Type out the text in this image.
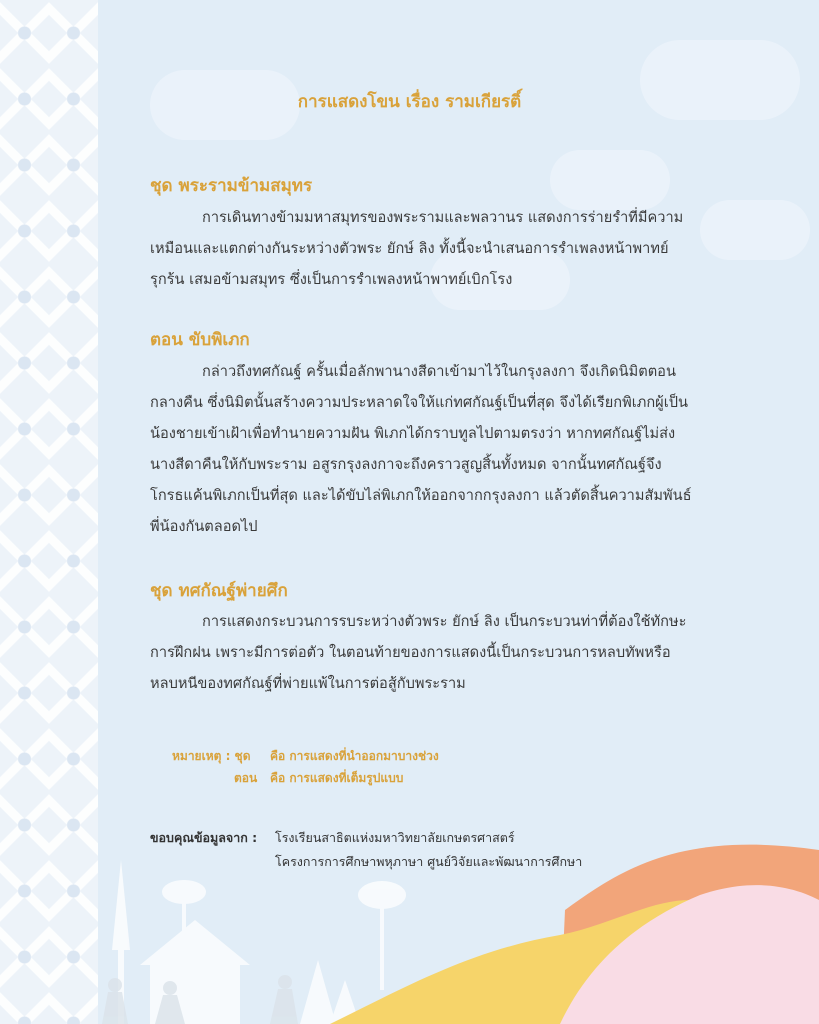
การแสดงโขน เรื่อง รามเกียรติ์
ชุด พระรามข้ามสมุทร
การเดินทางข้ามมหาสมุทรของพระรามและพลวานร แสดงการร่ายรำที่มีความ
เหมือนและแตกต่างกันระหว่างตัวพระ ยักษ์ ลิง ทั้งนี้จะนำเสนอการรำเพลงหน้าพาทย์
รุกร้น เสมอข้ามสมุทร ซึ่งเป็นการรำเพลงหน้าพาทย์เบิกโรง
ตอน ขับพิเภก
กล่าวถึงทศกัณฐ์ ครั้นเมื่อลักพานางสีดาเข้ามาไว้ในกรุงลงกา จึงเกิดนิมิตตอน
กลางคืน ซึ่งนิมิตนั้นสร้างความประหลาดใจให้แก่ทศกัณฐ์เป็นที่สุด จึงได้เรียกพิเภกผู้เป็น
น้องชายเข้าเฝ้าเพื่อทำนายความฝัน พิเภกได้กราบทูลไปตามตรงว่า หากทศกัณฐ์ไม่ส่ง
นางสีดาคืนให้กับพระราม อสูรกรุงลงกาจะถึงคราวสูญสิ้นทั้งหมด จากนั้นทศกัณฐ์จึง
โกรธแค้นพิเภกเป็นที่สุด และได้ขับไล่พิเภกให้ออกจากกรุงลงกา แล้วตัดสิ้นความสัมพันธ์
พี่น้องกันตลอดไป
ชุด ทศกัณฐ์พ่ายศึก
การแสดงกระบวนการรบระหว่างตัวพระ ยักษ์ ลิง เป็นกระบวนท่าที่ต้องใช้ทักษะ
การฝึกฝน เพราะมีการต่อตัว ในตอนท้ายของการแสดงนี้เป็นกระบวนการหลบทัพหรือ
หลบหนีของทศกัณฐ์ที่พ่ายแพ้ในการต่อสู้กับพระราม
หมายเหตุ : ชุด คือ การแสดงที่นำออกมาบางช่วง
ตอน คือ การแสดงที่เต็มรูปแบบ
ขอบคุณข้อมูลจาก : โรงเรียนสาธิตแห่งมหาวิทยาลัยเกษตรศาสตร์
โครงการการศึกษาพหุภาษา ศูนย์วิจัยและพัฒนาการศึกษา
